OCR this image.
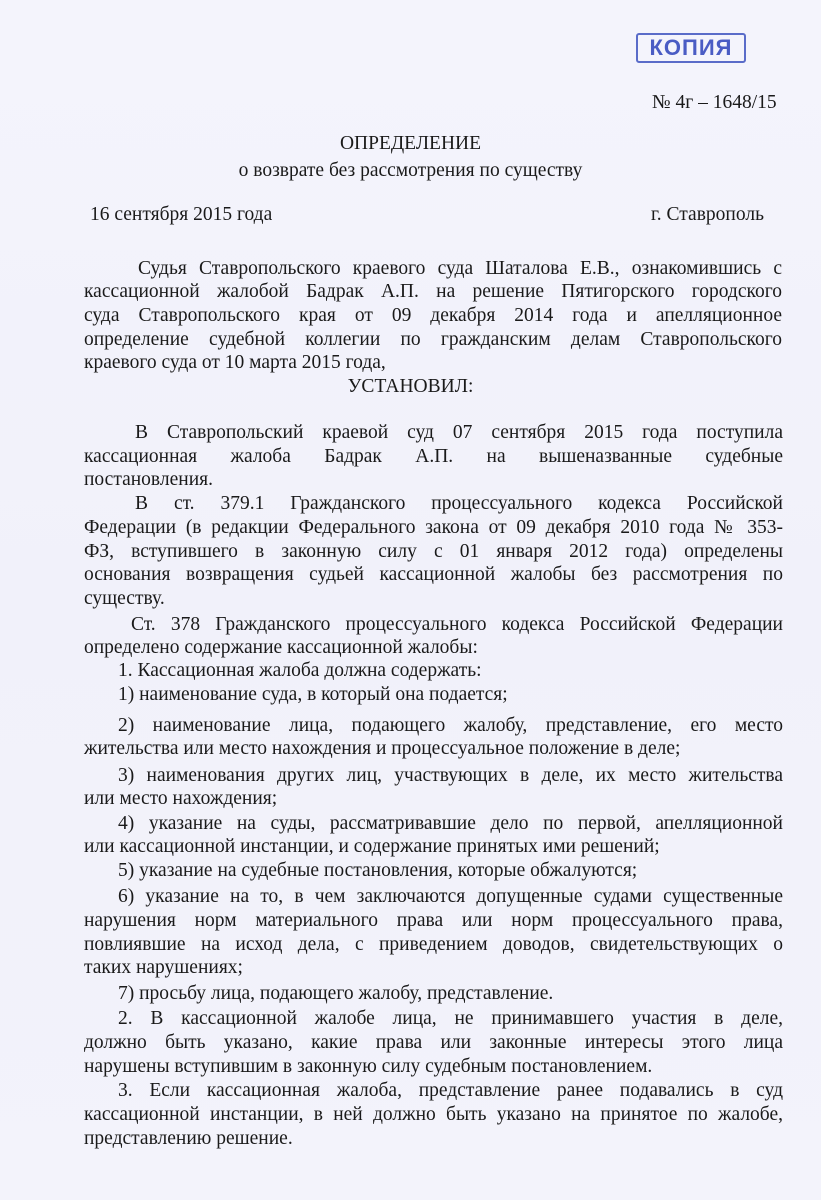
КОПИЯ
№ 4г – 1648/15
ОПРЕДЕЛЕНИЕ
о возврате без рассмотрения по существу
16 сентября 2015 года	г. Ставрополь
Судья Ставропольского краевого суда Шаталова Е.В., ознакомившись с
кассационной жалобой Бадрак А.П. на решение Пятигорского городского
суда Ставропольского края от 09 декабря 2014 года и апелляционное
определение судебной коллегии по гражданским делам Ставропольского
краевого суда от 10 марта 2015 года,
УСТАНОВИЛ:
В Ставропольский краевой суд 07 сентября 2015 года поступила
кассационная жалоба Бадрак А.П. на вышеназванные судебные
постановления.
В ст. 379.1 Гражданского процессуального кодекса Российской
Федерации (в редакции Федерального закона от 09 декабря 2010 года № 353-
ФЗ, вступившего в законную силу с 01 января 2012 года) определены
основания возвращения судьей кассационной жалобы без рассмотрения по
существу.
Ст. 378 Гражданского процессуального кодекса Российской Федерации
определено содержание кассационной жалобы:
1. Кассационная жалоба должна содержать:
1) наименование суда, в который она подается;
2) наименование лица, подающего жалобу, представление, его место
жительства или место нахождения и процессуальное положение в деле;
3) наименования других лиц, участвующих в деле, их место жительства
или место нахождения;
4) указание на суды, рассматривавшие дело по первой, апелляционной
или кассационной инстанции, и содержание принятых ими решений;
5) указание на судебные постановления, которые обжалуются;
6) указание на то, в чем заключаются допущенные судами существенные
нарушения норм материального права или норм процессуального права,
повлиявшие на исход дела, с приведением доводов, свидетельствующих о
таких нарушениях;
7) просьбу лица, подающего жалобу, представление.
2. В кассационной жалобе лица, не принимавшего участия в деле,
должно быть указано, какие права или законные интересы этого лица
нарушены вступившим в законную силу судебным постановлением.
3. Если кассационная жалоба, представление ранее подавались в суд
кассационной инстанции, в ней должно быть указано на принятое по жалобе,
представлению решение.
